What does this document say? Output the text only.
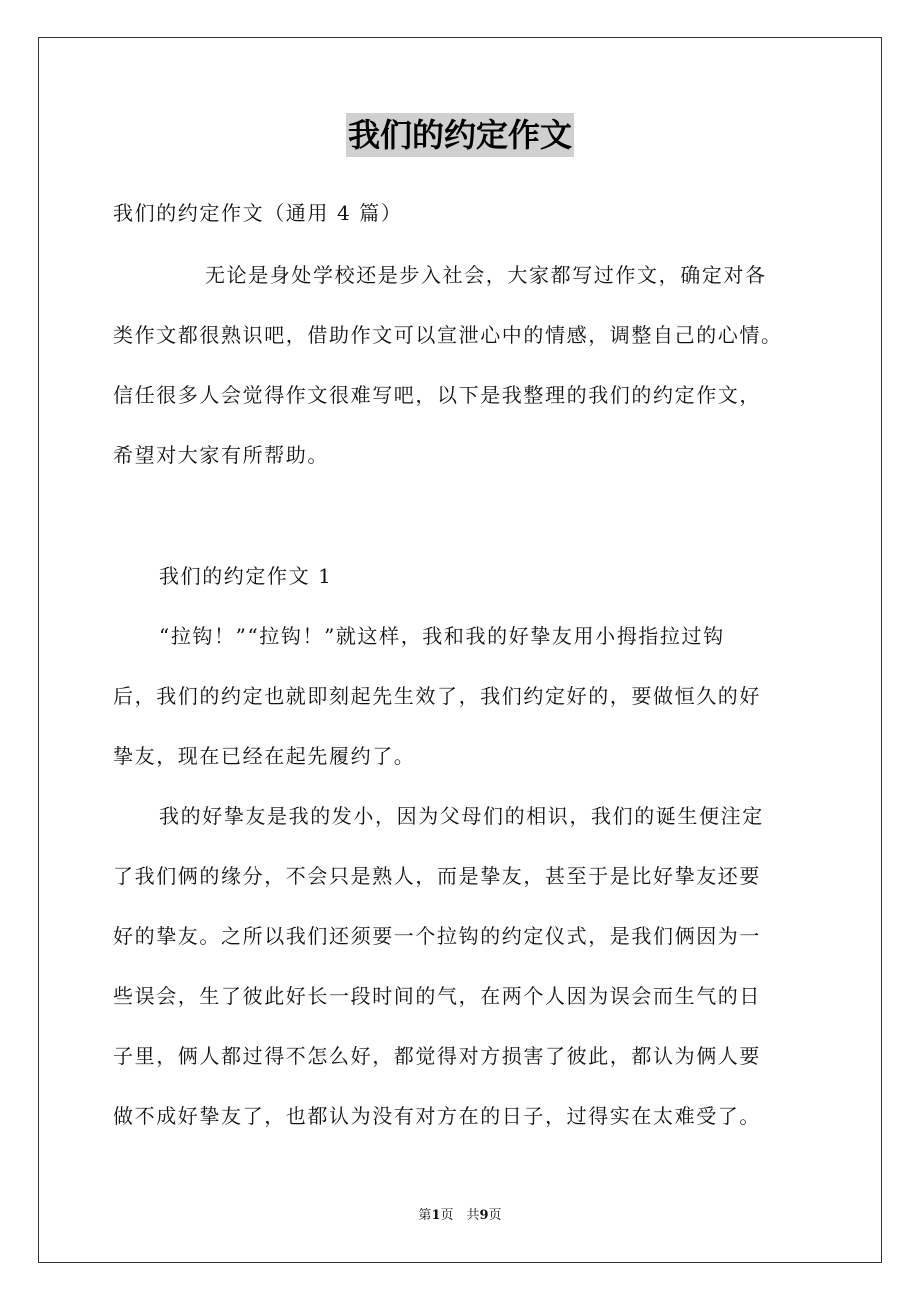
我们的约定作文
我们的约定作文（通用 4 篇）
无论是身处学校还是步入社会，大家都写过作文，确定对各
类作文都很熟识吧，借助作文可以宣泄心中的情感，调整自己的心情。
信任很多人会觉得作文很难写吧，以下是我整理的我们的约定作文，
希望对大家有所帮助。
我们的约定作文 1
“拉钩！”“拉钩！”就这样，我和我的好挚友用小拇指拉过钩
后，我们的约定也就即刻起先生效了，我们约定好的，要做恒久的好
挚友，现在已经在起先履约了。
我的好挚友是我的发小，因为父母们的相识，我们的诞生便注定
了我们俩的缘分，不会只是熟人，而是挚友，甚至于是比好挚友还要
好的挚友。之所以我们还须要一个拉钩的约定仪式，是我们俩因为一
些误会，生了彼此好长一段时间的气，在两个人因为误会而生气的日
子里，俩人都过得不怎么好，都觉得对方损害了彼此，都认为俩人要
做不成好挚友了，也都认为没有对方在的日子，过得实在太难受了。
第1页　共9页
